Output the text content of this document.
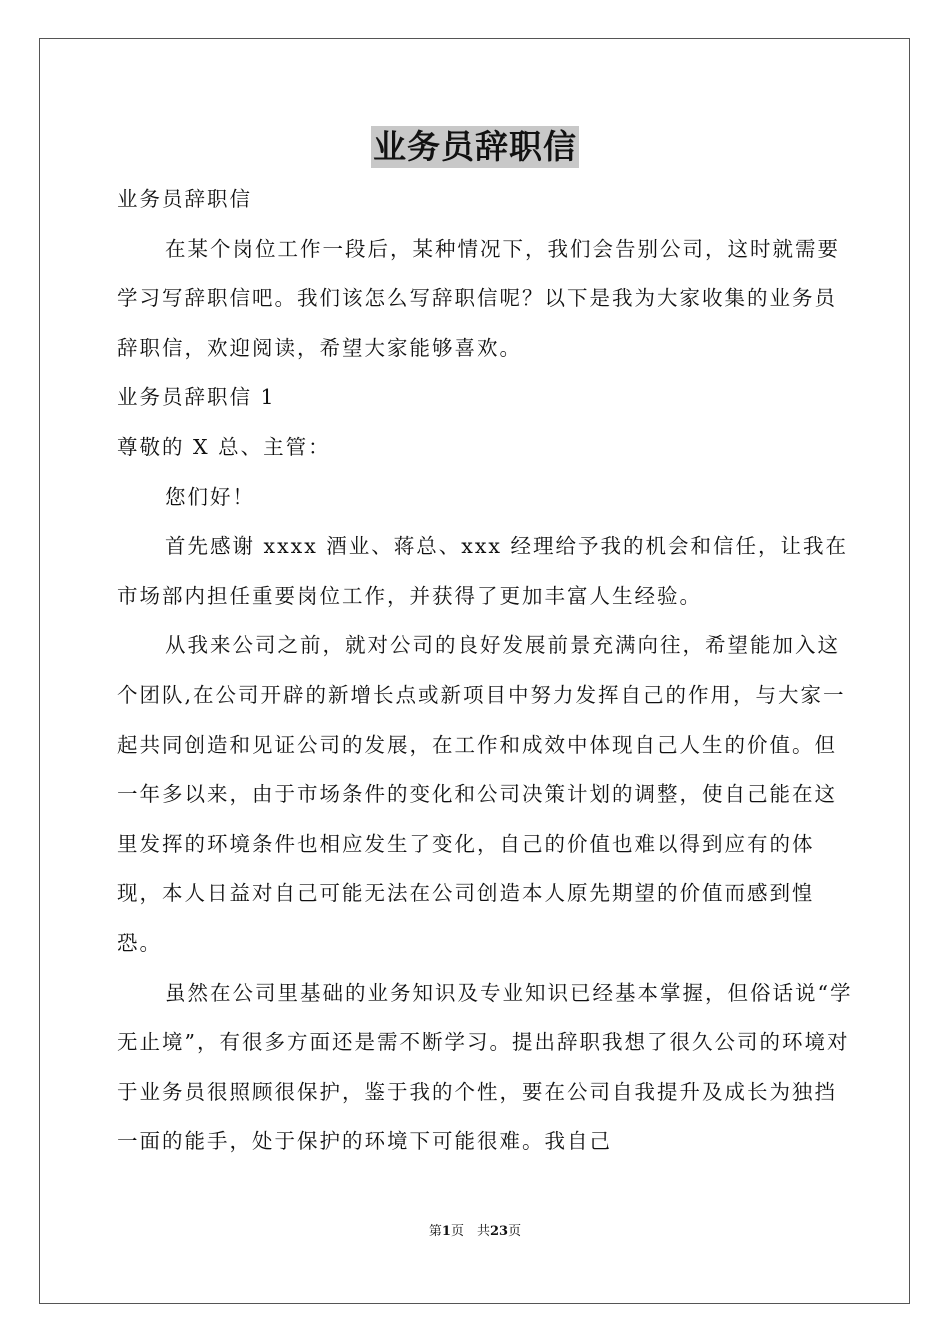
业务员辞职信

业务员辞职信

在某个岗位工作一段后，某种情况下，我们会告别公司，这时就需要学习写辞职信吧。我们该怎么写辞职信呢？以下是我为大家收集的业务员辞职信，欢迎阅读，希望大家能够喜欢。

业务员辞职信 1

尊敬的 X 总、主管：

您们好！

首先感谢 xxxx 酒业、蒋总、xxx 经理给予我的机会和信任，让我在市场部内担任重要岗位工作，并获得了更加丰富人生经验。

从我来公司之前，就对公司的良好发展前景充满向往，希望能加入这个团队,在公司开辟的新增长点或新项目中努力发挥自己的作用，与大家一起共同创造和见证公司的发展，在工作和成效中体现自己人生的价值。但一年多以来，由于市场条件的变化和公司决策计划的调整，使自己能在这里发挥的环境条件也相应发生了变化，自己的价值也难以得到应有的体现，本人日益对自己可能无法在公司创造本人原先期望的价值而感到惶恐。

虽然在公司里基础的业务知识及专业知识已经基本掌握，但俗话说“学无止境”，有很多方面还是需不断学习。提出辞职我想了很久公司的环境对于业务员很照顾很保护，鉴于我的个性，要在公司自我提升及成长为独挡一面的能手，处于保护的环境下可能很难。我自己

第1页　共23页
